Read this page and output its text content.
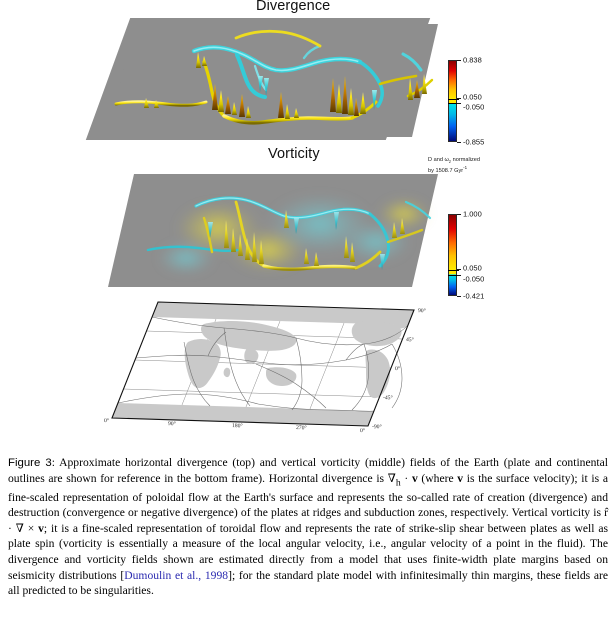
Divergence
0.838
0.050
-0.050
-0.855
D and $\omega_z$ normalized
by 1508.7 Gyr$^{-1}$
Vorticity
1.000
0.050
-0.050
-0.421
0°	90°	180°	270°	0°
90°
45°
0°
-45°
-90°
Figure 3: Approximate horizontal divergence (top) and vertical vorticity (middle) fields of the Earth (plate and continental outlines are shown for reference in the bottom frame). Horizontal divergence is $\nabla_h \cdot v$ (where v is the surface velocity); it is a fine-scaled representation of poloidal flow at the Earth's surface and represents the so-called rate of creation (divergence) and destruction (convergence or negative divergence) of the plates at ridges and subduction zones, respectively. Vertical vorticity is r̂ · ∇ × v; it is a fine-scaled representation of toroidal flow and represents the rate of strike-slip shear between plates as well as plate spin (vorticity is essentially a measure of the local angular velocity, i.e., angular velocity of a point in the fluid). The divergence and vorticity fields shown are estimated directly from a model that uses finite-width plate margins based on seismicity distributions [Dumoulin et al., 1998]; for the standard plate model with infinitesimally thin margins, these fields are all predicted to be singularities.
